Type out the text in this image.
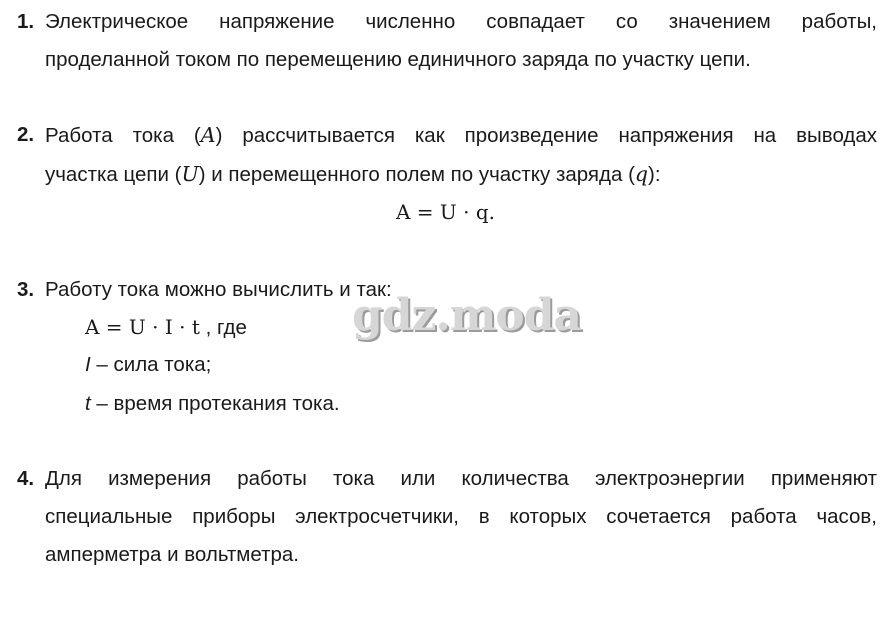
1. Электрическое напряжение численно совпадает со значением работы,
проделанной током по перемещению единичного заряда по участку цепи.
2. Работа тока (A) рассчитывается как произведение напряжения на выводах
участка цепи (U) и перемещенного полем по участку заряда (q):
A = U · q.
3. Работу тока можно вычислить и так:
A = U · I · t , где
I – сила тока;
t – время протекания тока.
4. Для измерения работы тока или количества электроэнергии применяют
специальные приборы электросчетчики, в которых сочетается работа часов,
амперметра и вольтметра.
gdz.moda
